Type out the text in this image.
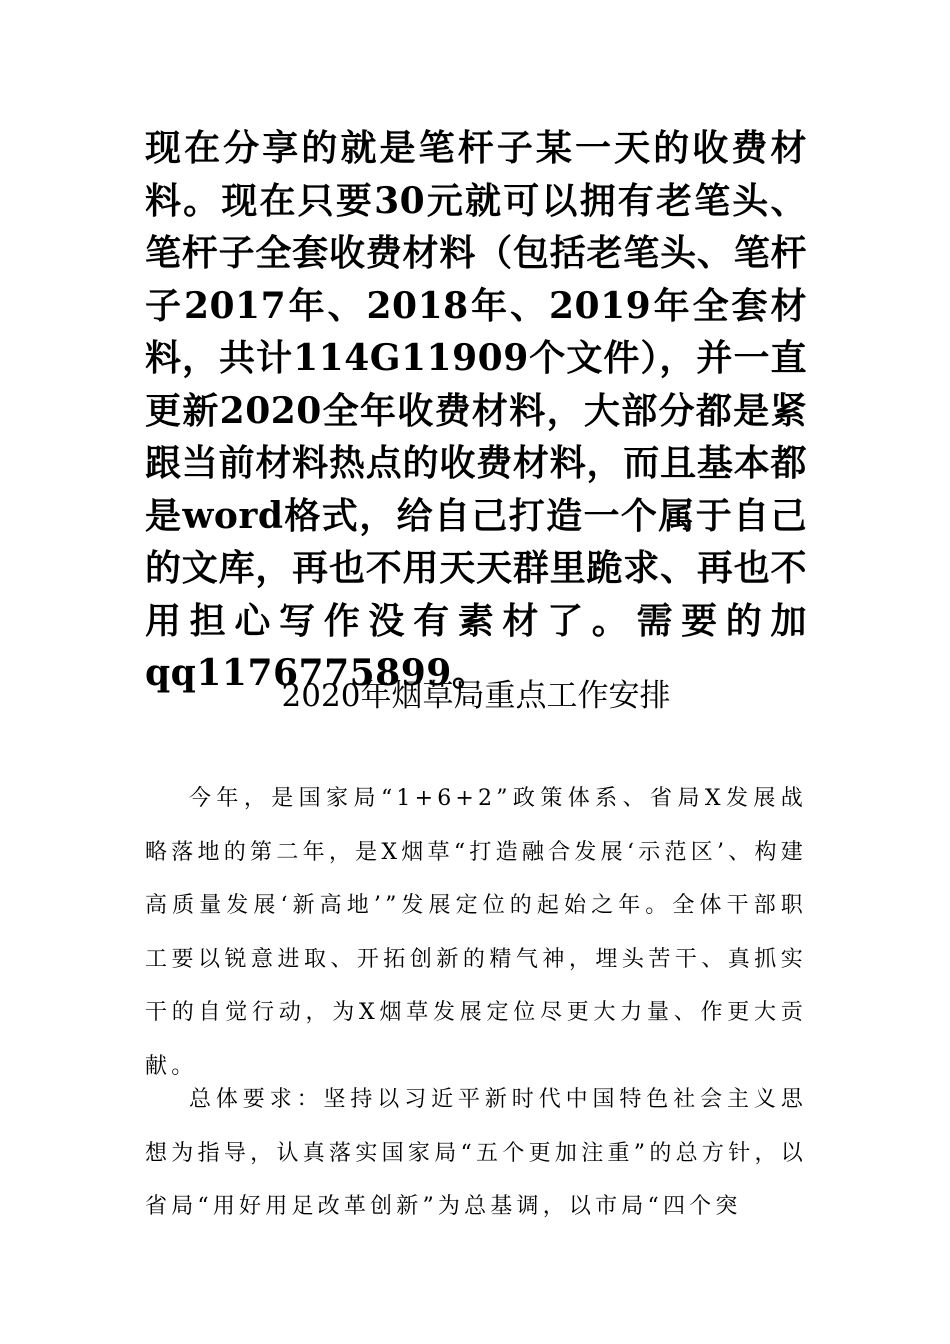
现在分享的就是笔杆子某一天的收费材料。现在只要30元就可以拥有老笔头、笔杆子全套收费材料（包括老笔头、笔杆子2017年、2018年、2019年全套材料，共计114G11909个文件），并一直更新2020全年收费材料，大部分都是紧跟当前材料热点的收费材料，而且基本都是word格式，给自己打造一个属于自己的文库，再也不用天天群里跪求、再也不用担心写作没有素材了。需要的加qq1176775899。

2020年烟草局重点工作安排

今年，是国家局“1+6+2”政策体系、省局X发展战略落地的第二年，是X烟草“打造融合发展‘示范区’、构建高质量发展‘新高地’”发展定位的起始之年。全体干部职工要以锐意进取、开拓创新的精气神，埋头苦干、真抓实干的自觉行动，为X烟草发展定位尽更大力量、作更大贡献。

总体要求：坚持以习近平新时代中国特色社会主义思想为指导，认真落实国家局“五个更加注重”的总方针，以省局“用好用足改革创新”为总基调，以市局“四个突
